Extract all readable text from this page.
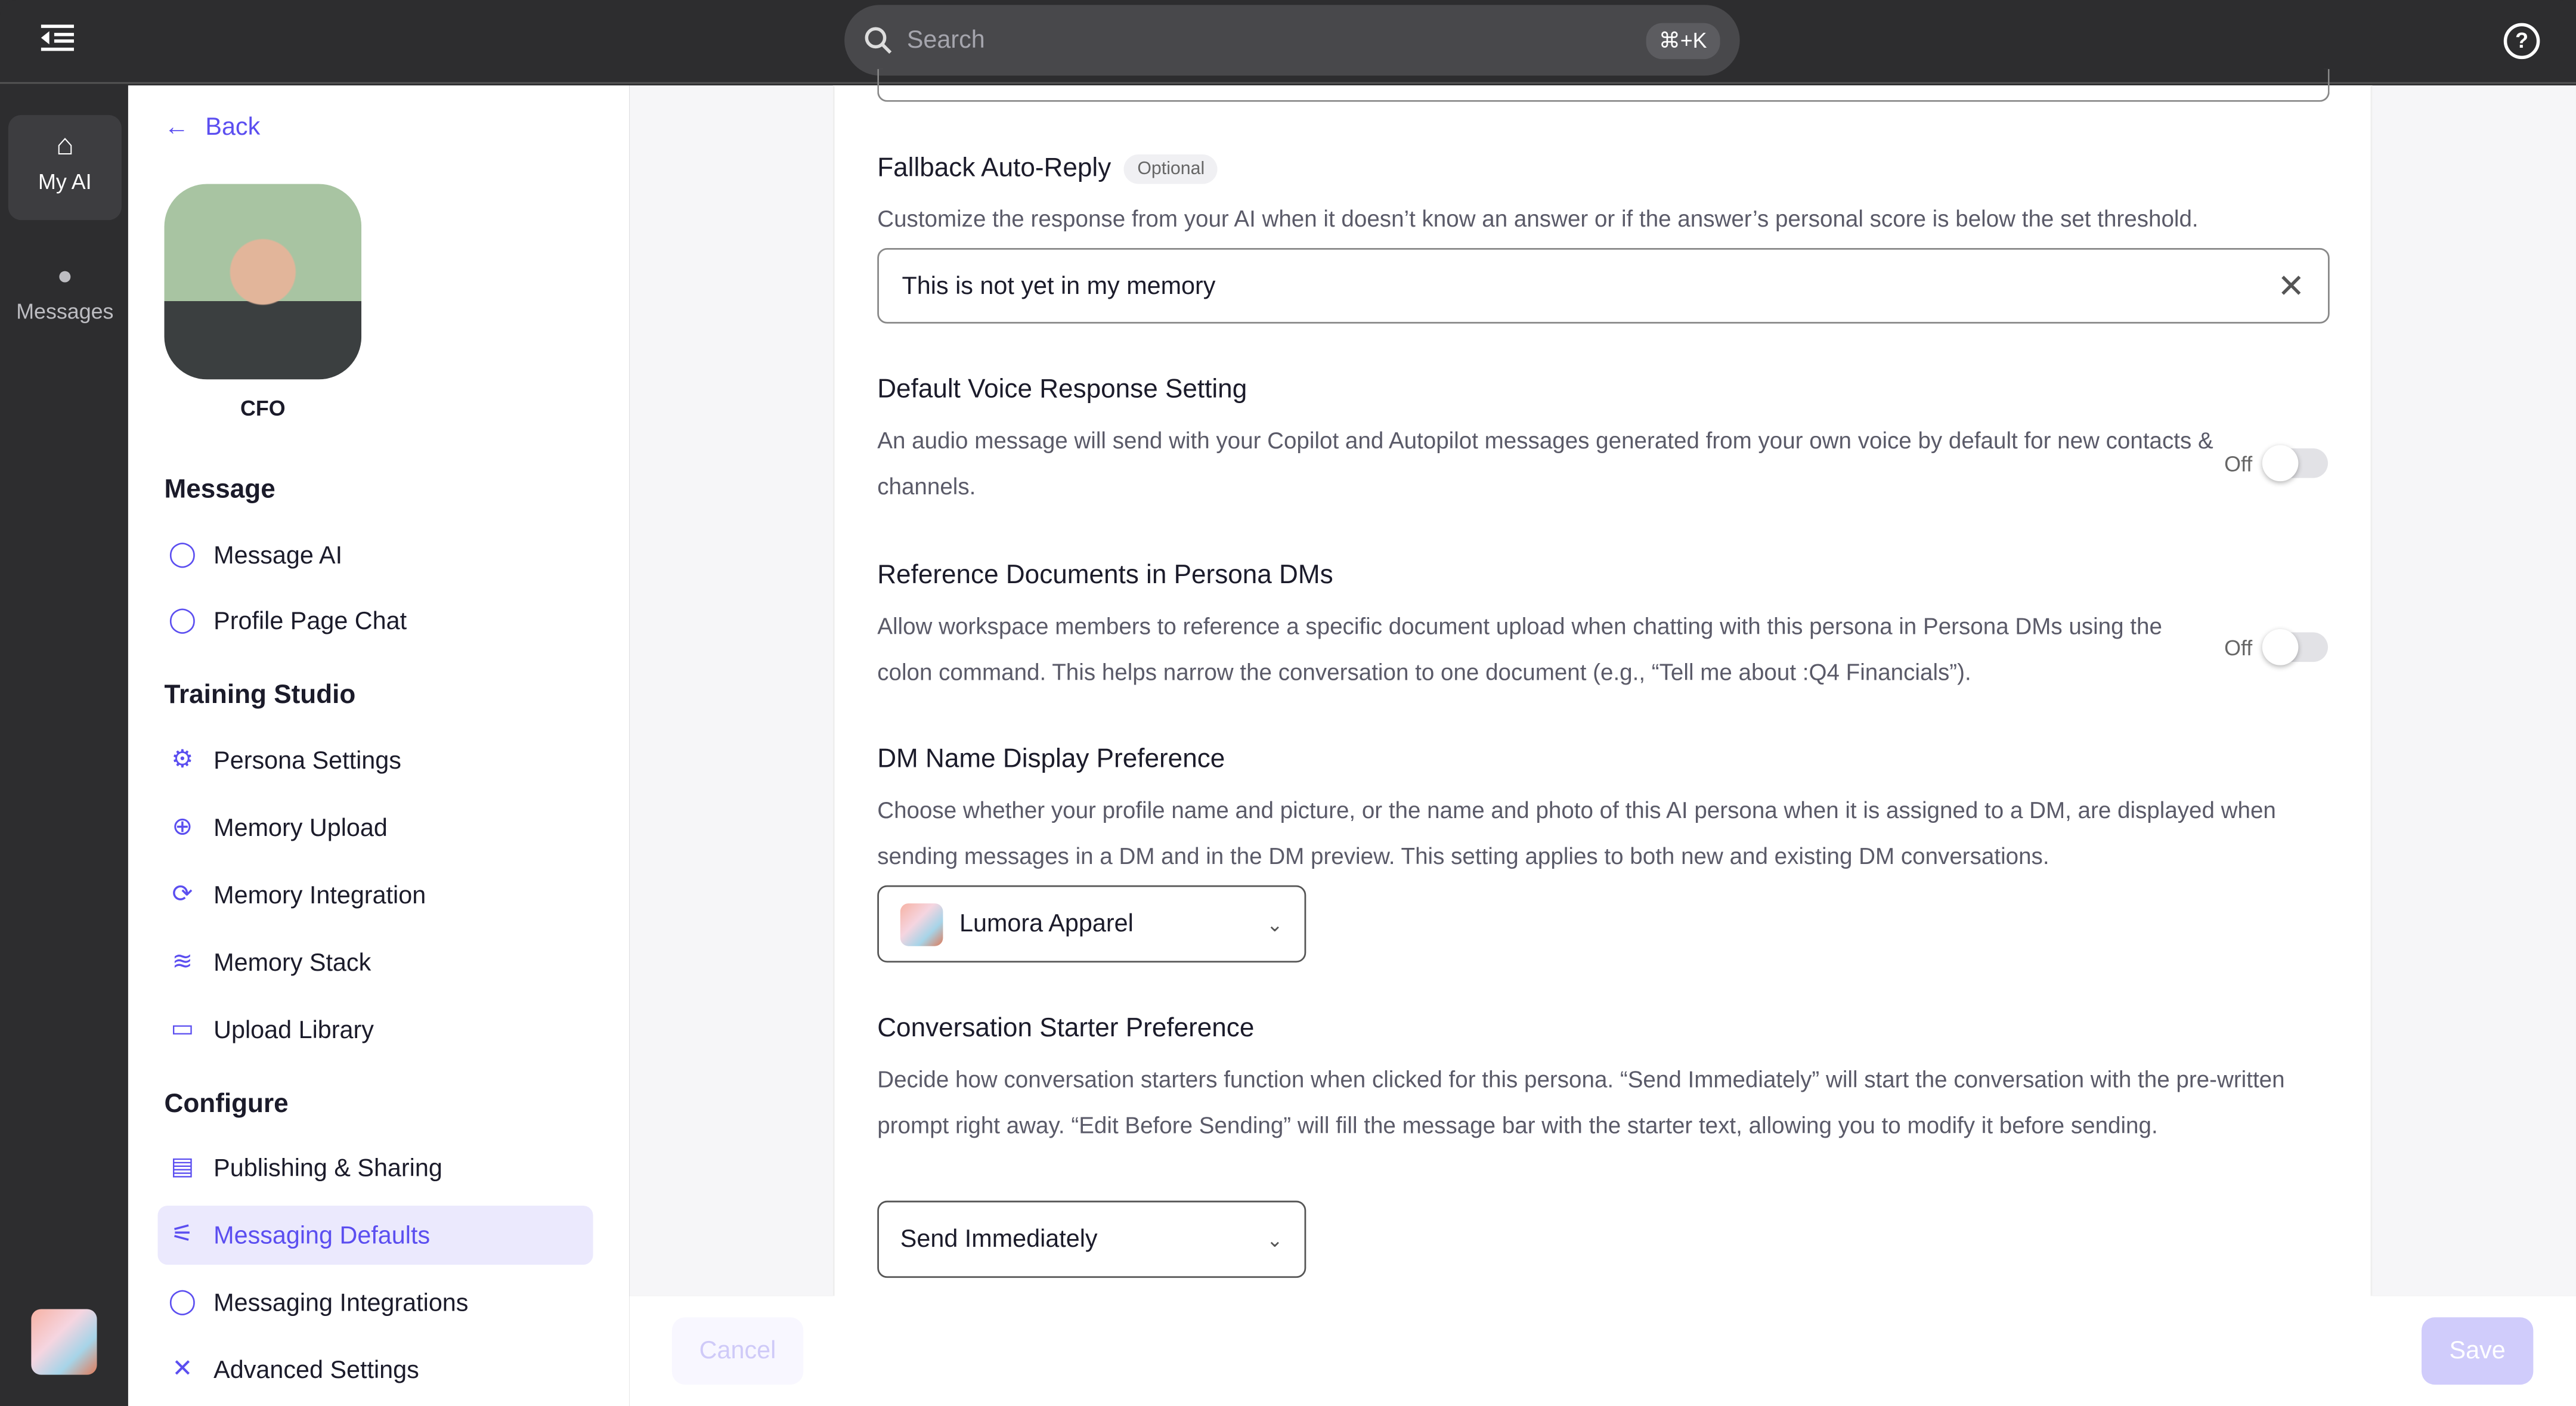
Search	⌘+K	?
⌂
My AI
●
Messages
← Back
CFO
Message
◯ Message AI
◯ Profile Page Chat
Training Studio
⚙	Persona Settings
⊕	Memory Upload
⟳	Memory Integration
≋	Memory Stack
▭	Upload Library
Configure
▤	Publishing & Sharing
⚟	Messaging Defaults
◯ Messaging Integrations
✕	Advanced Settings
Fallback Auto-Reply	Optional
Customize the response from your AI when it doesn’t know an answer or if the answer’s personal score is below the set threshold.
This is not yet in my memory	✕
Default Voice Response Setting
An audio message will send with your Copilot and Autopilot messages generated from your own voice by default for new contacts & channels.
Off
Reference Documents in Persona DMs
Allow workspace members to reference a specific document upload when chatting with this persona in Persona DMs using the colon command. This helps narrow the conversation to one document (e.g., “Tell me about :Q4 Financials”).
Off
DM Name Display Preference
Choose whether your profile name and picture, or the name and photo of this AI persona when it is assigned to a DM, are displayed when sending messages in a DM and in the DM preview. This setting applies to both new and existing DM conversations.
Lumora Apparel	⌄
Conversation Starter Preference
Decide how conversation starters function when clicked for this persona. “Send Immediately” will start the conversation with the pre-written prompt right away. “Edit Before Sending” will fill the message bar with the starter text, allowing you to modify it before sending.
Send Immediately	⌄
Cancel	Save
